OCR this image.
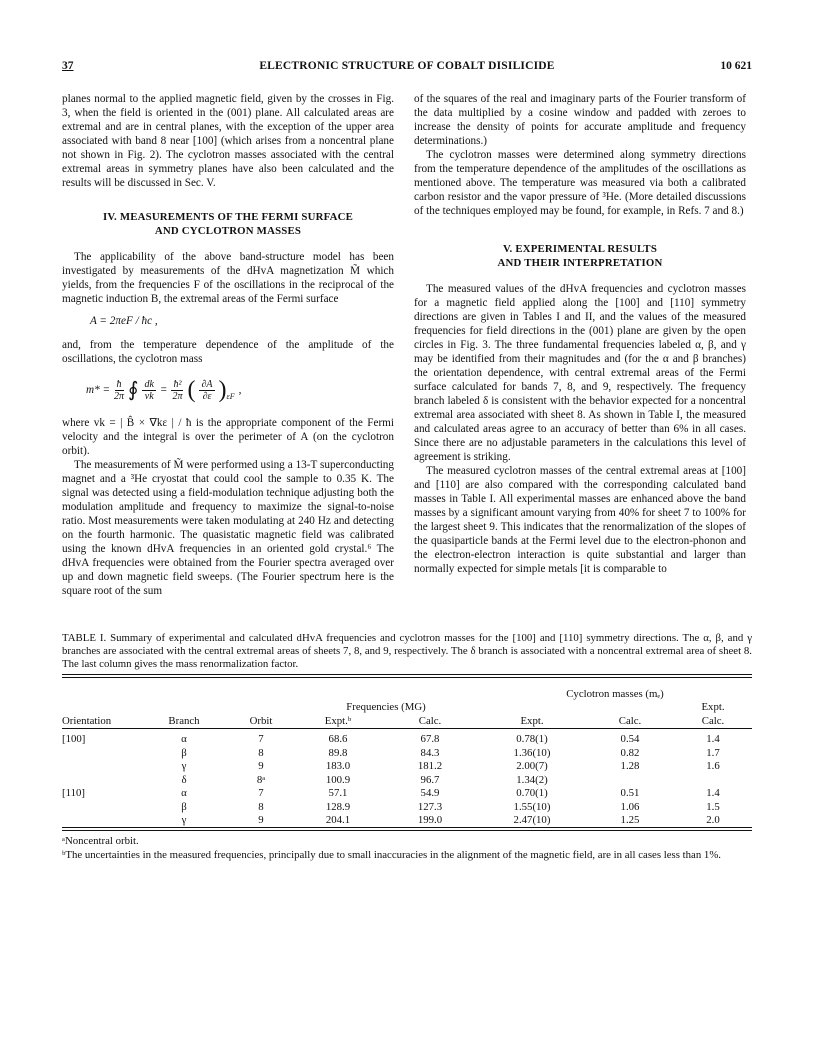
37	ELECTRONIC STRUCTURE OF COBALT DISILICIDE	10 621

planes normal to the applied magnetic field, given by the crosses in Fig. 3, when the field is oriented in the (001) plane. All calculated areas are extremal and are in central planes, with the exception of the upper area associated with band 8 near [100] (which arises from a noncentral plane not shown in Fig. 2). The cyclotron masses associated with the central extremal areas in symmetry planes have also been calculated and the results will be discussed in Sec. V.

IV. MEASUREMENTS OF THE FERMI SURFACE
AND CYCLOTRON MASSES

The applicability of the above band-structure model has been investigated by measurements of the dHvA magnetization M̃ which yields, from the frequencies F of the oscillations in the reciprocal of the magnetic induction B, the extremal areas of the Fermi surface

A = 2πeF / ħc ,

and, from the temperature dependence of the amplitude of the oscillations, the cyclotron mass

$m* = \frac{ħ}{2\pi}$ ∮ $\frac{dk}{vk} = \frac{\text{ħ²}}{2\pi}$ ( $\frac{\partial A}{\partial\varepsilon}$ ) εF
,

where vk = | B̂ × ∇kε | / ħ is the appropriate component of the Fermi velocity and the integral is over the perimeter of A (on the cyclotron orbit).

The measurements of M̃ were performed using a 13-T superconducting magnet and a ³He cryostat that could cool the sample to 0.35 K. The signal was detected using a field-modulation technique adjusting both the modulation amplitude and frequency to maximize the signal-to-noise ratio. Most measurements were taken modulating at 240 Hz and detecting on the fourth harmonic. The quasistatic magnetic field was calibrated using the known dHvA frequencies in an oriented gold crystal.⁶ The dHvA frequencies were obtained from the Fourier spectra averaged over up and down magnetic field sweeps. (The Fourier spectrum here is the square root of the sum

of the squares of the real and imaginary parts of the Fourier transform of the data multiplied by a cosine window and padded with zeroes to increase the density of points for accurate amplitude and frequency determinations.)

The cyclotron masses were determined along symmetry directions from the temperature dependence of the amplitudes of the oscillations as mentioned above. The temperature was measured via both a calibrated carbon resistor and the vapor pressure of ³He. (More detailed discussions of the techniques employed may be found, for example, in Refs. 7 and 8.)

V. EXPERIMENTAL RESULTS
AND THEIR INTERPRETATION

The measured values of the dHvA frequencies and cyclotron masses for a magnetic field applied along the [100] and [110] symmetry directions are given in Tables I and II, and the values of the measured frequencies for field directions in the (001) plane are given by the open circles in Fig. 3. The three fundamental frequencies labeled α, β, and γ may be identified from their magnitudes and (for the α and β branches) the orientation dependence, with central extremal areas of the Fermi surface calculated for bands 7, 8, and 9, respectively. The frequency branch labeled δ is consistent with the behavior expected for a noncentral extremal area associated with sheet 8. As shown in Table I, the measured and calculated areas agree to an accuracy of better than 6% in all cases. Since there are no adjustable parameters in the calculations this level of agreement is striking.

The measured cyclotron masses of the central extremal areas at [100] and [110] are also compared with the corresponding calculated band masses in Table I. All experimental masses are enhanced above the band masses by a significant amount varying from 40% for sheet 7 to 100% for the largest sheet 9. This indicates that the renormalization of the slopes of the quasiparticle bands at the Fermi level due to the electron-phonon and the electron-electron interaction is quite substantial and larger than normally expected for simple metals [it is comparable to

TABLE I. Summary of experimental and calculated dHvA frequencies and cyclotron masses for the [100] and [110] symmetry directions. The α, β, and γ branches are associated with the central extremal areas of sheets 7, 8, and 9, respectively. The δ branch is associated with a noncentral extremal area of sheet 8. The last column gives the mass renormalization factor.
					Cyclotron masses (mₑ)		
			Frequencies (MG)				Expt.
Orientation	Branch	Orbit	Expt.ᵇ	Calc.	Expt.	Calc.	Calc.

[100]	α	7	68.6	67.8	0.78(1)	0.54	1.4
	β	8	89.8	84.3	1.36(10)	0.82	1.7
	γ	9	183.0	181.2	2.00(7)	1.28	1.6
	δ	8ᵃ	100.9	96.7	1.34(2)		
[110]	α	7	57.1	54.9	0.70(1)	0.51	1.4
	β	8	128.9	127.3	1.55(10)	1.06	1.5
	γ	9	204.1	199.0	2.47(10)	1.25	2.0
ᵃNoncentral orbit.
ᵇThe uncertainties in the measured frequencies, principally due to small inaccuracies in the alignment of the magnetic field, are in all cases less than 1%.
